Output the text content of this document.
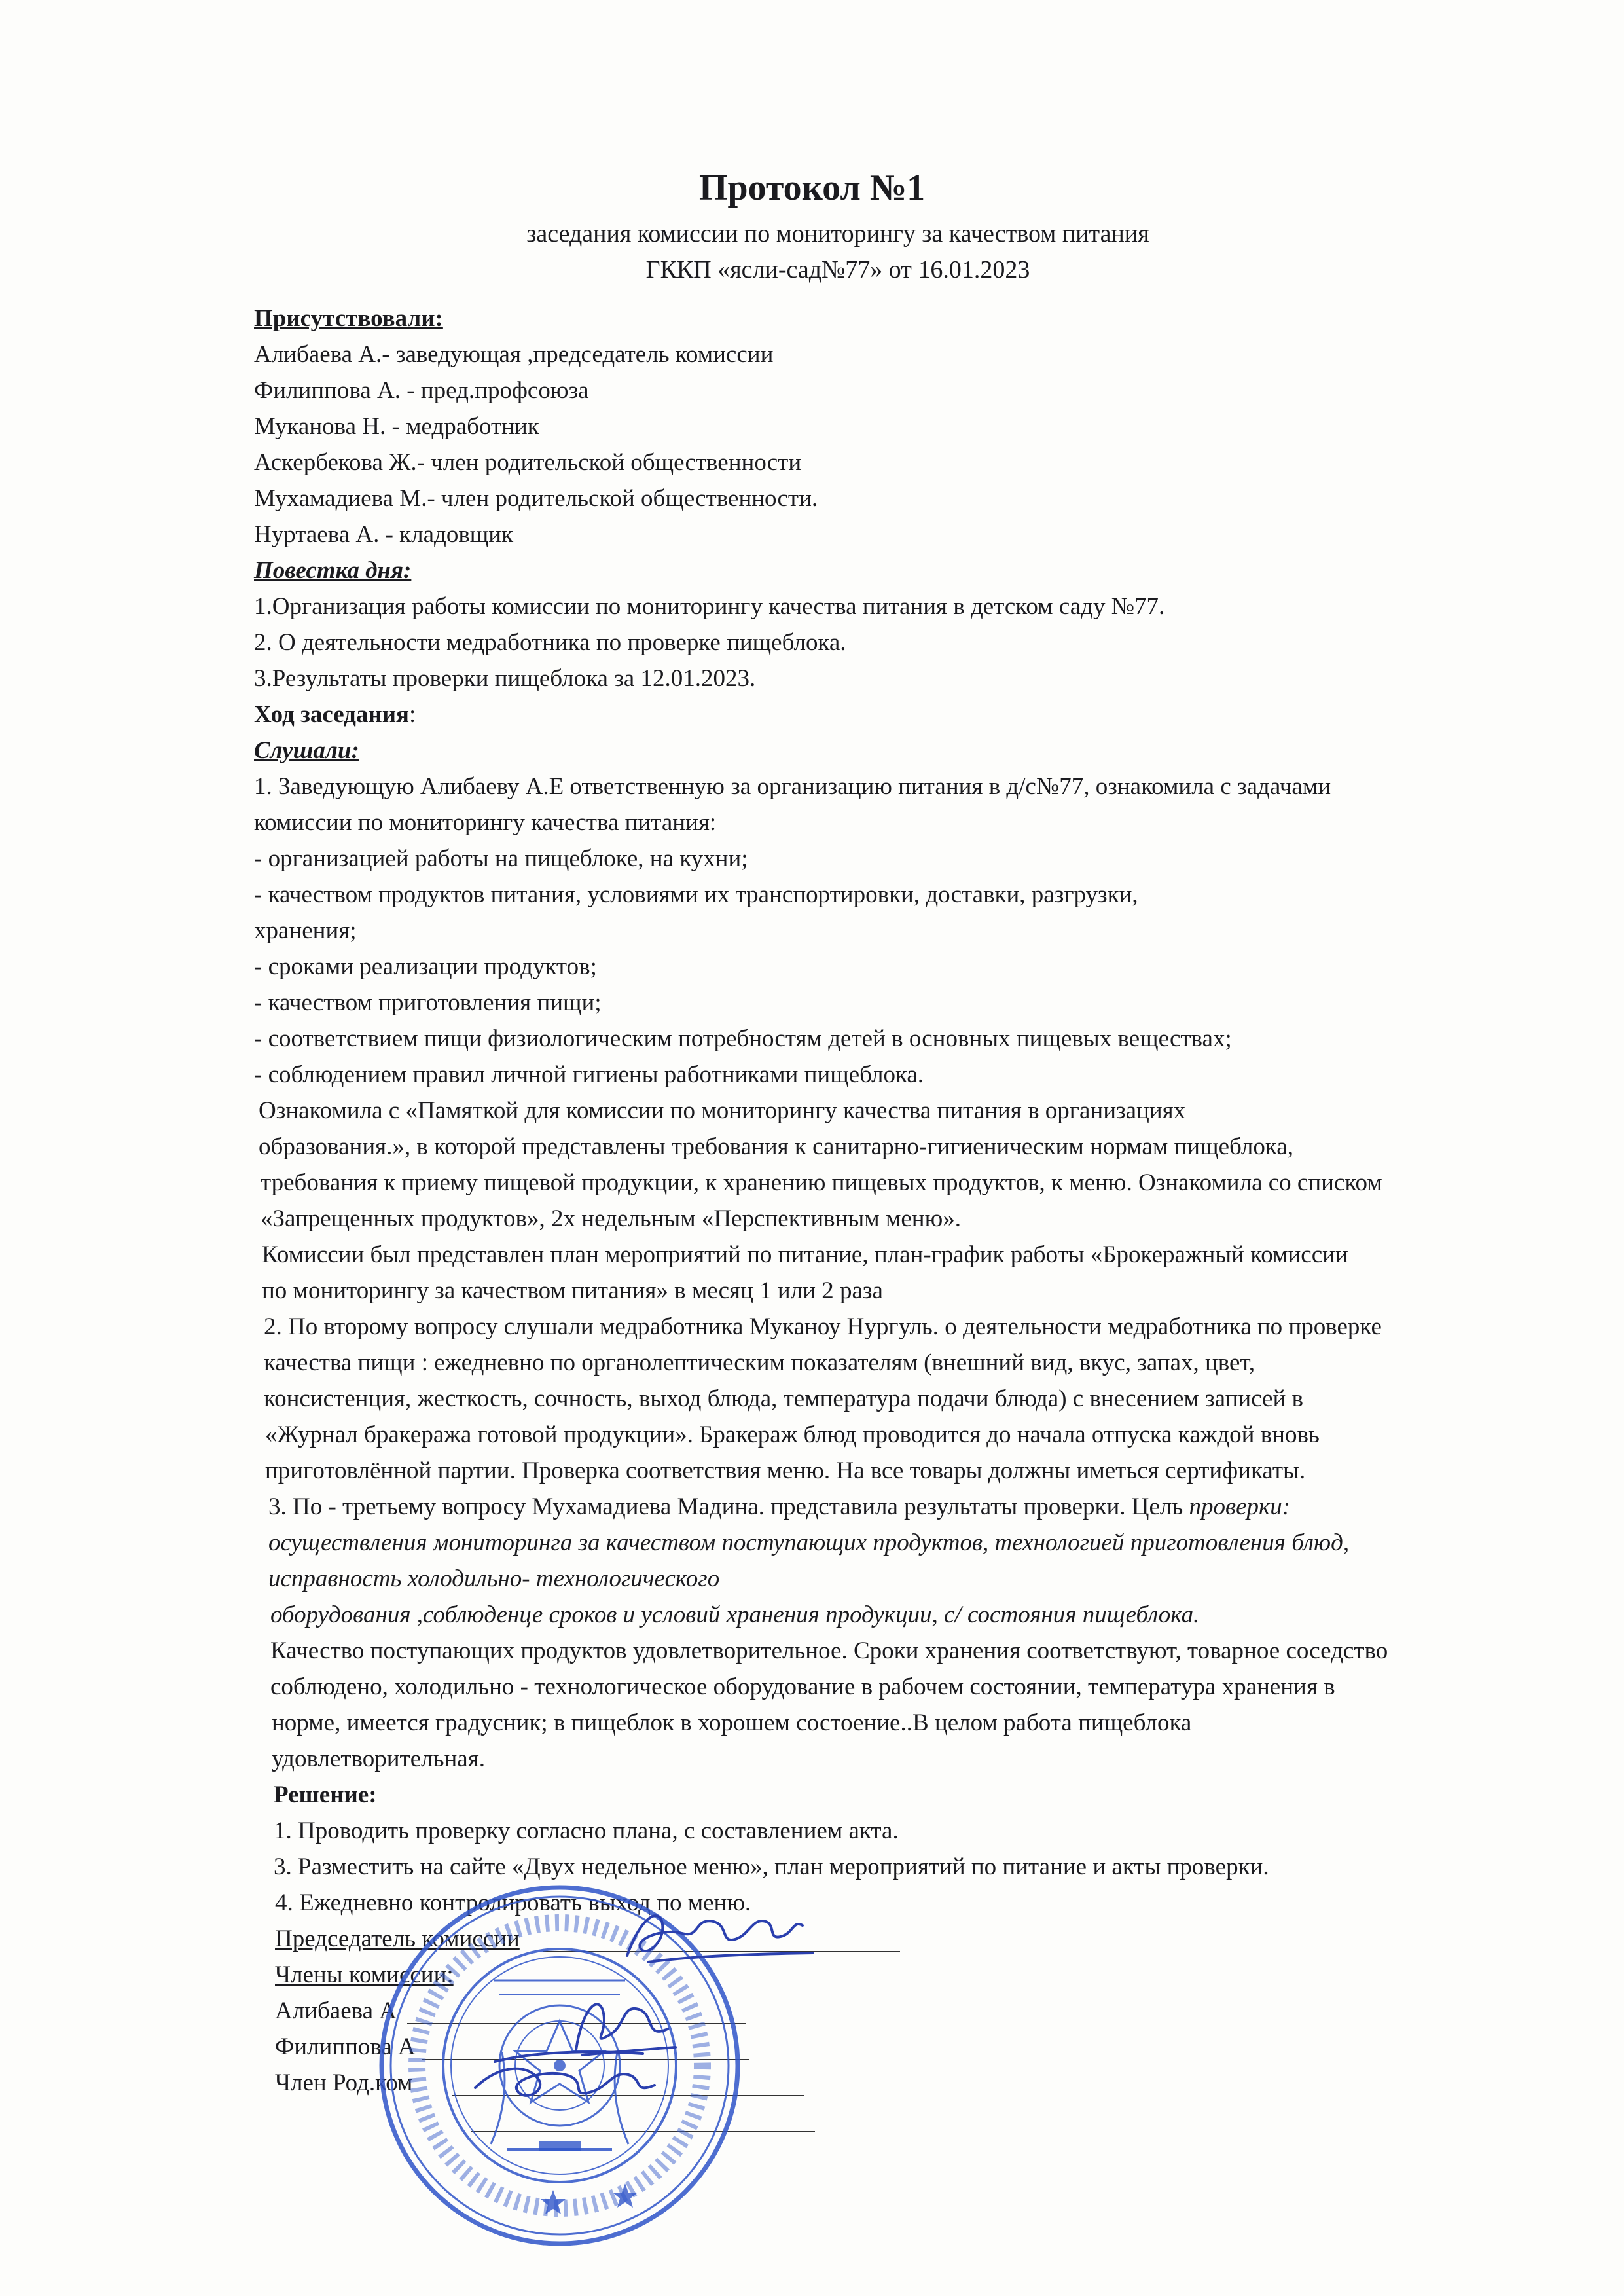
Протокол №1
заседания комиссии по мониторингу за качеством питания
ГККП «ясли-сад№77» от 16.01.2023
Присутствовали:
Алибаева А.- заведующая ,председатель комиссии
Филиппова А. - пред.профсоюза
Муканова Н. - медработник
Аскербекова Ж.- член родительской общественности
Мухамадиева М.- член родительской общественности.
Нуртаева А. - кладовщик
Повестка дня:
1.Организация работы комиссии по мониторингу качества питания в детском саду №77.
2. О деятельности медработника по проверке пищеблока.
3.Результаты проверки пищеблока за 12.01.2023.
Ход заседания:
Слушали:
1. Заведующую Алибаеву А.Е ответственную за организацию питания в д/с№77, ознакомила с задачами
комиссии по мониторингу качества питания:
- организацией работы на пищеблоке, на кухни;
- качеством продуктов питания, условиями их транспортировки, доставки, разгрузки,
хранения;
- сроками реализации продуктов;
- качеством приготовления пищи;
- соответствием пищи физиологическим потребностям детей в основных пищевых веществах;
- соблюдением правил личной гигиены работниками пищеблока.
Ознакомила с «Памяткой для комиссии по мониторингу качества питания в организациях
образования.», в которой представлены требования к санитарно-гигиеническим нормам пищеблока,
требования к приему пищевой продукции, к хранению пищевых продуктов, к меню. Ознакомила со списком
«Запрещенных продуктов», 2х недельным «Перспективным меню».
Комиссии был представлен план мероприятий по питание, план-график работы «Брокеражный комиссии
по мониторингу за качеством питания» в месяц 1 или 2 раза
2. По второму вопросу слушали медработника Муканоу Нургуль. о деятельности медработника по проверке
качества пищи : ежедневно по органолептическим показателям (внешний вид, вкус, запах, цвет,
консистенция, жесткость, сочность, выход блюда, температура подачи блюда) с внесением записей в
«Журнал бракеража готовой продукции». Бракераж блюд проводится до начала отпуска каждой вновь
приготовлённой партии. Проверка соответствия меню. На все товары должны иметься сертификаты.
3. По - третьему вопросу Мухамадиева Мадина. представила результаты проверки. Цель проверки:
осуществления мониторинга за качеством поступающих продуктов, технологией приготовления блюд,
исправность холодильно- технологического
оборудования ,соблюденце сроков и условий хранения продукции, с/ состояния пищеблока.
Качество поступающих продуктов удовлетворительное. Сроки хранения соответствуют, товарное соседство
соблюдено, холодильно - технологическое оборудование в рабочем состоянии, температура хранения в
норме, имеется градусник; в пищеблок в хорошем состоение..В целом работа пищеблока
удовлетворительная.
Решение:
1. Проводить проверку согласно плана, с составлением акта.
3. Разместить на сайте «Двух недельное меню», план мероприятий по питание и акты проверки.
4. Ежедневно контролировать выход по меню.
Председатель комиссии
Члены комиссии:
Алибаева А
Филиппова А
Член Род.ком
